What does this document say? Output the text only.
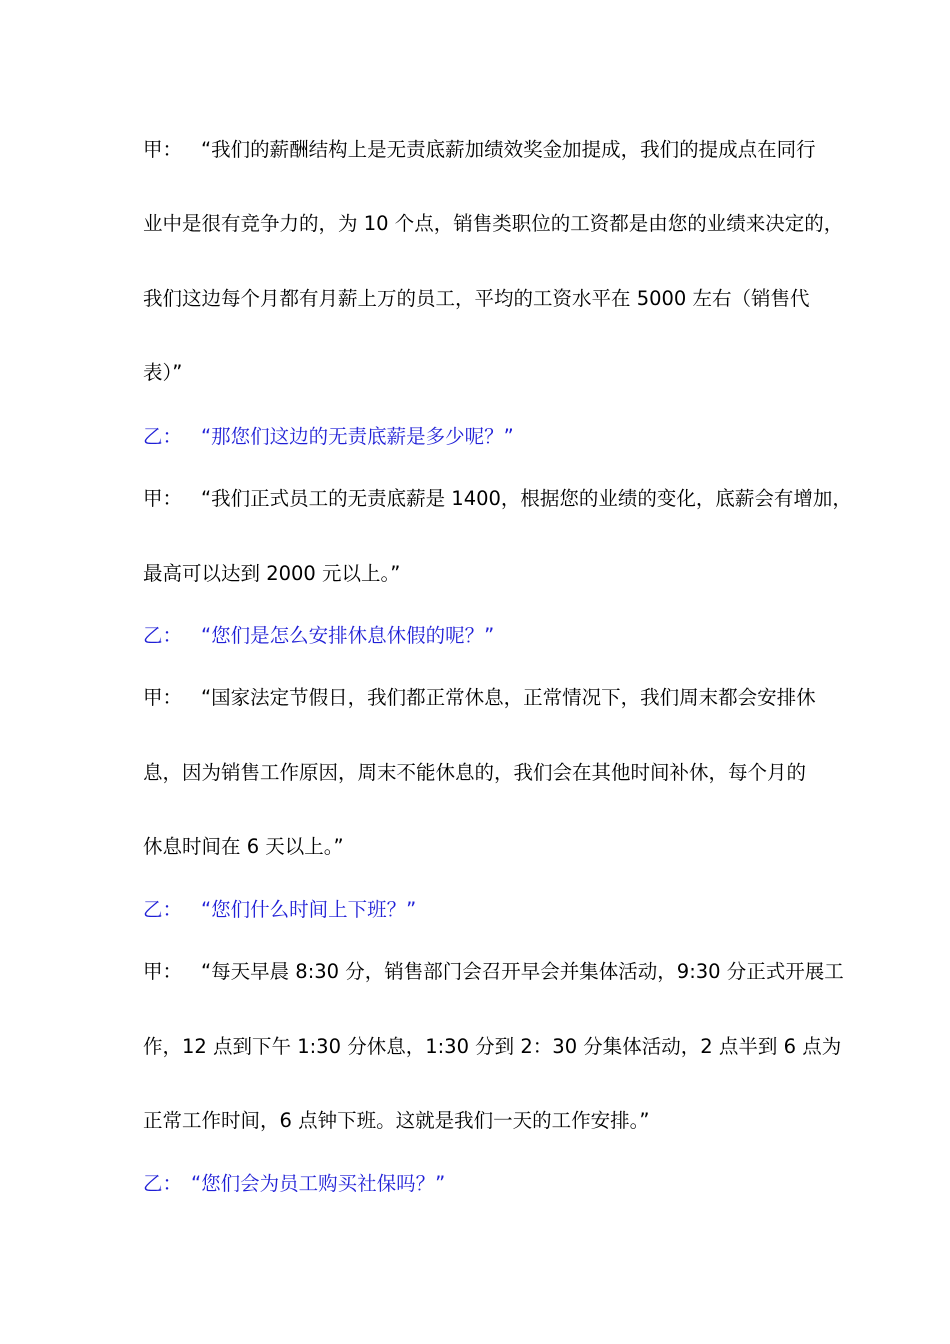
甲： “我们的薪酬结构上是无责底薪加绩效奖金加提成，我们的提成点在同行
业中是很有竞争力的，为 10 个点，销售类职位的工资都是由您的业绩来决定的，
我们这边每个月都有月薪上万的员工，平均的工资水平在 5000 左右（销售代
表）”
乙： “那您们这边的无责底薪是多少呢？”
甲： “我们正式员工的无责底薪是 1400，根据您的业绩的变化，底薪会有增加，
最高可以达到 2000 元以上。”
乙： “您们是怎么安排休息休假的呢？”
甲： “国家法定节假日，我们都正常休息，正常情况下，我们周末都会安排休
息，因为销售工作原因，周末不能休息的，我们会在其他时间补休，每个月的
休息时间在 6 天以上。”
乙： “您们什么时间上下班？”
甲： “每天早晨 8:30 分，销售部门会召开早会并集体活动，9:30 分正式开展工
作，12 点到下午 1:30 分休息，1:30 分到 2：30 分集体活动，2 点半到 6 点为
正常工作时间，6 点钟下班。这就是我们一天的工作安排。”
乙： “您们会为员工购买社保吗？”
